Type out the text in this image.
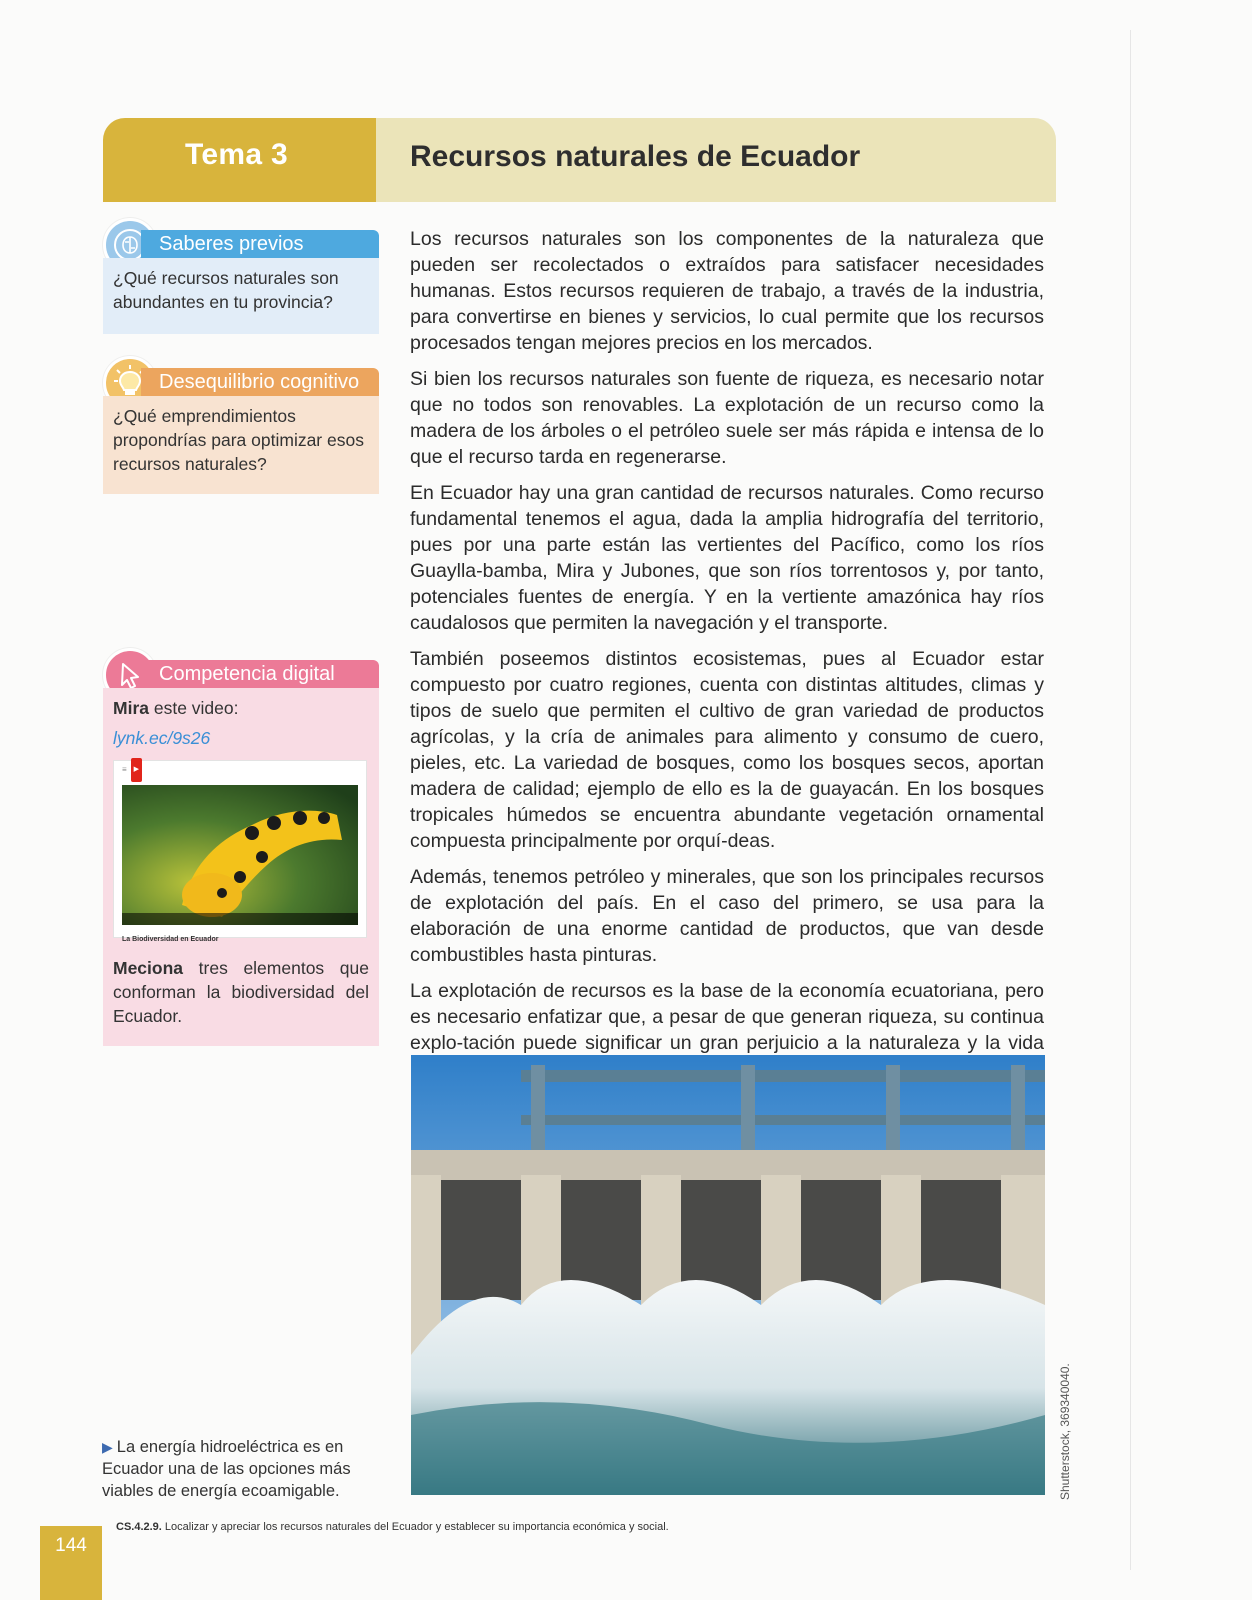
Tema 3	Recursos naturales de Ecuador
Saberes previos
¿Qué recursos naturales son abundantes en tu provincia?
Desequilibrio cognitivo
¿Qué emprendimientos propondrías para optimizar esos recursos naturales?
Competencia digital
Mira este video:
lynk.ec/9s26
≡	▶
La Biodiversidad en Ecuador
Meciona tres elementos que conforman la biodiversidad del Ecuador.

Los recursos naturales son los componentes de la naturaleza que pueden ser recolectados o extraídos para satisfacer necesidades humanas. Estos recursos requieren de trabajo, a través de la industria, para convertirse en bienes y servicios, lo cual permite que los recursos procesados tengan mejores precios en los mercados.

Si bien los recursos naturales son fuente de riqueza, es necesario notar que no todos son renovables. La explotación de un recurso como la madera de los árboles o el petróleo suele ser más rápida e intensa de lo que el recurso tarda en regenerarse.

En Ecuador hay una gran cantidad de recursos naturales. Como recurso fundamental tenemos el agua, dada la amplia hidrografía del territorio, pues por una parte están las vertientes del Pacífico, como los ríos Guaylla-bamba, Mira y Jubones, que son ríos torrentosos y, por tanto, potenciales fuentes de energía. Y en la vertiente amazónica hay ríos caudalosos que permiten la navegación y el transporte.

También poseemos distintos ecosistemas, pues al Ecuador estar compuesto por cuatro regiones, cuenta con distintas altitudes, climas y tipos de suelo que permiten el cultivo de gran variedad de productos agrícolas, y la cría de animales para alimento y consumo de cuero, pieles, etc. La variedad de bosques, como los bosques secos, aportan madera de calidad; ejemplo de ello es la de guayacán. En los bosques tropicales húmedos se encuentra abundante vegetación ornamental compuesta principalmente por orquí-deas.

Además, tenemos petróleo y minerales, que son los principales recursos de explotación del país. En el caso del primero, se usa para la elaboración de una enorme cantidad de productos, que van desde combustibles hasta pinturas.

La explotación de recursos es la base de la economía ecuatoriana, pero es necesario enfatizar que, a pesar de que generan riqueza, su continua explo-tación puede significar un gran perjuicio a la naturaleza y la vida

Shutterstock, 369340040.
▶ La energía hidroeléctrica es en Ecuador una de las opciones más viables de energía ecoamigable.
144
CS.4.2.9. Localizar y apreciar los recursos naturales del Ecuador y establecer su importancia económica y social.
